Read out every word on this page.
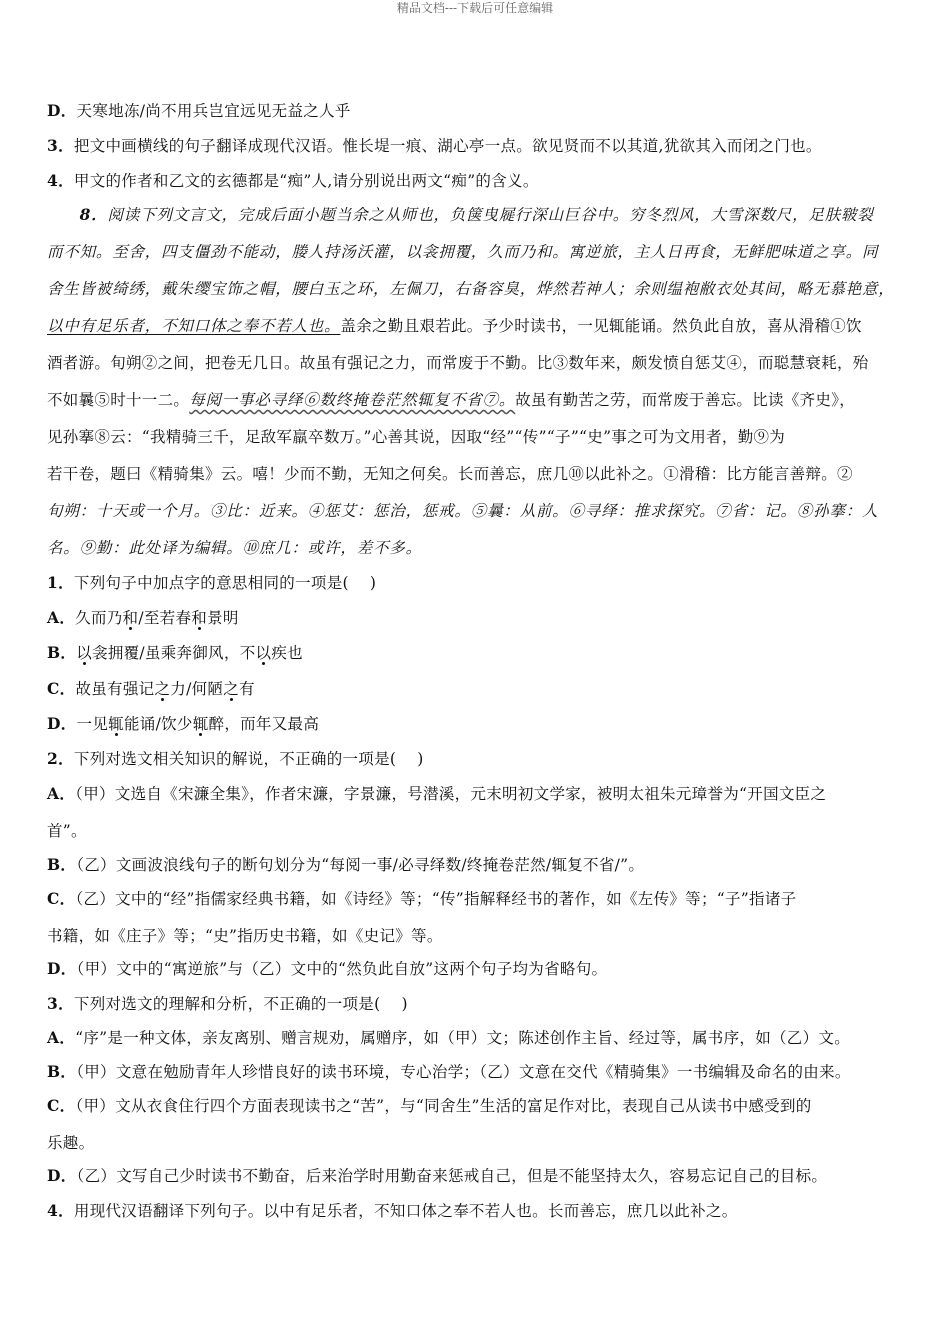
精品文档---下载后可任意编辑
D．天寒地冻/尚不用兵岂宜远见无益之人乎
3．把文中画横线的句子翻译成现代汉语。惟长堤一痕、湖心亭一点。欲见贤而不以其道,犹欲其入而闭之门也。
4．甲文的作者和乙文的玄德都是“痴”人,请分别说出两文“痴”的含义。
　　8．阅读下列文言文，完成后面小题当余之从师也，负箧曳屣行深山巨谷中。穷冬烈风，大雪深数尺，足肤皲裂
而不知。至舍，四支僵劲不能动，媵人持汤沃灌，以衾拥覆，久而乃和。寓逆旅，主人日再食，无鲜肥味道之享。同
舍生皆被绮绣，戴朱缨宝饰之帽，腰白玉之环，左佩刀，右备容臭，烨然若神人；余则缊袍敝衣处其间，略无慕艳意，
以中有足乐者，不知口体之奉不若人也。盖余之勤且艰若此。予少时读书，一见辄能诵。然负此自放，喜从滑稽①饮
酒者游。旬朔②之间，把卷无几日。故虽有强记之力，而常废于不勤。比③数年来，颇发愤自惩艾④，而聪慧衰耗，殆
不如曩⑤时十一二。每阅一事必寻绎⑥数终掩卷茫然辄复不省⑦。故虽有勤苦之劳，而常废于善忘。比读《齐史》，
见孙搴⑧云：“我精骑三千，足敌军羸卒数万。”心善其说，因取“经”“传”“子”“史”事之可为文用者，勤⑨为
若干卷，题曰《精骑集》云。嘻！少而不勤，无知之何矣。长而善忘，庶几⑩以此补之。①滑稽：比方能言善辩。②
旬朔：十天或一个月。③比：近来。④惩艾：惩治，惩戒。⑤曩：从前。⑥寻绎：推求探究。⑦省：记。⑧孙搴：人
名。⑨勤：此处译为编辑。⑩庶几：或许，差不多。
1．下列句子中加点字的意思相同的一项是(　 )
A．久而乃和/至若春和景明
B．以衾拥覆/虽乘奔御风，不以疾也
C．故虽有强记之力/何陋之有
D．一见辄能诵/饮少辄醉，而年又最高
2．下列对选文相关知识的解说，不正确的一项是(　 )
A．（甲）文选自《宋濂全集》，作者宋濂，字景濂，号潜溪，元末明初文学家，被明太祖朱元璋誉为“开国文臣之
首”。
B．（乙）文画波浪线句子的断句划分为“每阅一事/必寻绎数/终掩卷茫然/辄复不省/”。
C．（乙）文中的“经”指儒家经典书籍，如《诗经》等；“传”指解释经书的著作，如《左传》等；“子”指诸子
书籍，如《庄子》等；“史”指历史书籍，如《史记》等。
D．（甲）文中的“寓逆旅”与（乙）文中的“然负此自放”这两个句子均为省略句。
3．下列对选文的理解和分析，不正确的一项是(　 )
A．“序”是一种文体，亲友离别、赠言规劝，属赠序，如（甲）文；陈述创作主旨、经过等，属书序，如（乙）文。
B．（甲）文意在勉励青年人珍惜良好的读书环境，专心治学；（乙）文意在交代《精骑集》一书编辑及命名的由来。
C．（甲）文从衣食住行四个方面表现读书之“苦”，与“同舍生”生活的富足作对比，表现自己从读书中感受到的
乐趣。
D．（乙）文写自己少时读书不勤奋，后来治学时用勤奋来惩戒自己，但是不能坚持太久，容易忘记自己的目标。
4．用现代汉语翻译下列句子。以中有足乐者，不知口体之奉不若人也。长而善忘，庶几以此补之。
